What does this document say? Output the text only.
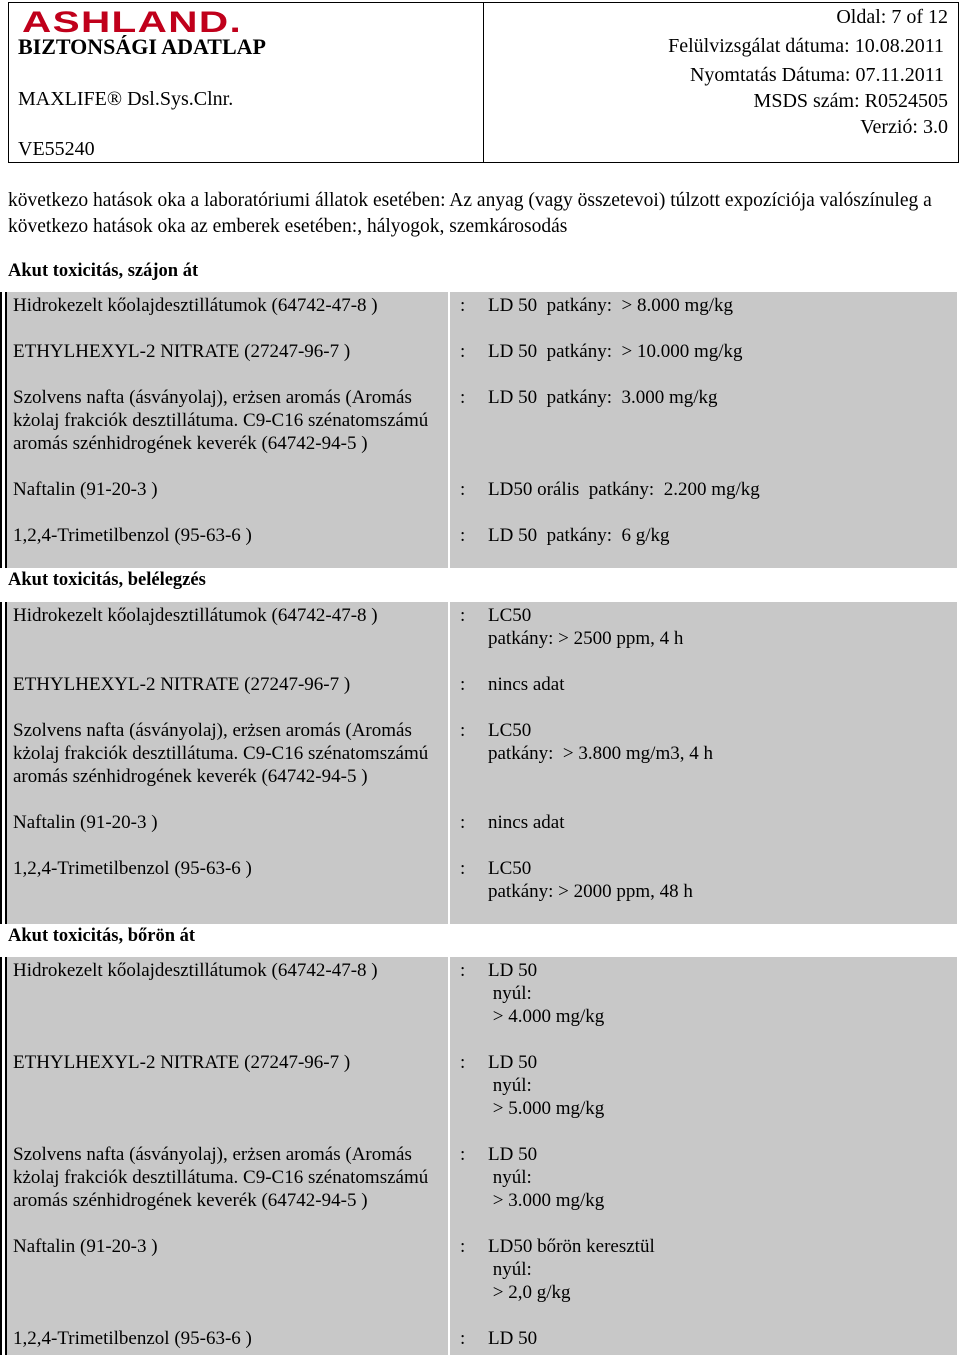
ASHLAND.
BIZTONSÁGI ADATLAP
MAXLIFE® Dsl.Sys.Clnr.
VE55240
Oldal: 7 of 12
Felülvizsgálat dátuma: 10.08.2011
Nyomtatás Dátuma: 07.11.2011
MSDS szám: R0524505
Verzió: 3.0
következo hatások oka a laboratóriumi állatok esetében: Az anyag (vagy összetevoi) túlzott expozíciója valószínuleg a következo hatások oka az emberek esetében:, hályogok, szemkárosodás
Akut toxicitás, szájon át
Hidrokezelt kőolajdesztillátumok (64742-47-8 )	: LD 50  patkány:  > 8.000 mg/kg
ETHYLHEXYL-2 NITRATE (27247-96-7 )	: LD 50  patkány:  > 10.000 mg/kg
Szolvens nafta (ásványolaj), erżsen aromás (Aromás kżolaj frakciók desztillátuma. C9-C16 szénatomszámú aromás szénhidrogének keverék (64742-94-5 )
: LD 50  patkány:  3.000 mg/kg
Naftalin (91-20-3 )	: LD50 orális  patkány:  2.200 mg/kg
1,2,4-Trimetilbenzol (95-63-6 )	: LD 50  patkány:  6 g/kg
Akut toxicitás, belélegzés
Hidrokezelt kőolajdesztillátumok (64742-47-8 )	: LC50
patkány: > 2500 ppm, 4 h
ETHYLHEXYL-2 NITRATE (27247-96-7 )	: nincs adat
Szolvens nafta (ásványolaj), erżsen aromás (Aromás kżolaj frakciók desztillátuma. C9-C16 szénatomszámú aromás szénhidrogének keverék (64742-94-5 )
: LC50
patkány:  > 3.800 mg/m3, 4 h
Naftalin (91-20-3 )	: nincs adat
1,2,4-Trimetilbenzol (95-63-6 )	: LC50
patkány: > 2000 ppm, 48 h
Akut toxicitás, bőrön át
Hidrokezelt kőolajdesztillátumok (64742-47-8 )	: LD 50
nyúl:
> 4.000 mg/kg
ETHYLHEXYL-2 NITRATE (27247-96-7 )	: LD 50
nyúl:
> 5.000 mg/kg
Szolvens nafta (ásványolaj), erżsen aromás (Aromás kżolaj frakciók desztillátuma. C9-C16 szénatomszámú aromás szénhidrogének keverék (64742-94-5 )
: LD 50
nyúl:
> 3.000 mg/kg
Naftalin (91-20-3 )	: LD50 bőrön keresztül
nyúl:
> 2,0 g/kg
1,2,4-Trimetilbenzol (95-63-6 )	: LD 50
